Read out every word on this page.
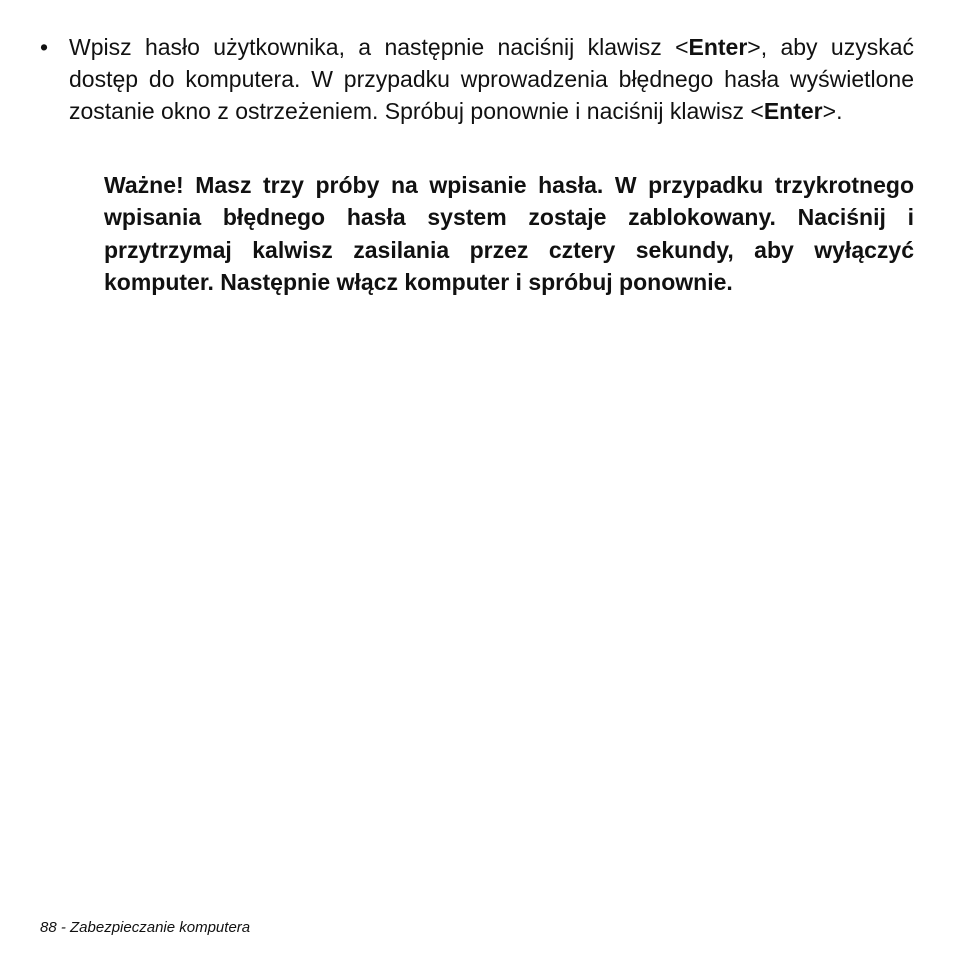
• Wpisz hasło użytkownika, a następnie naciśnij klawisz <Enter>, aby uzyskać dostęp do komputera. W przypadku wprowadzenia błędnego hasła wyświetlone zostanie okno z ostrzeżeniem. Spróbuj ponownie i naciśnij klawisz <Enter>.
Ważne! Masz trzy próby na wpisanie hasła. W przypadku trzykrotnego wpisania błędnego hasła system zostaje zablokowany. Naciśnij i przytrzymaj kalwisz zasilania przez cztery sekundy, aby wyłączyć komputer. Następnie włącz komputer i spróbuj ponownie.
88 - Zabezpieczanie komputera
